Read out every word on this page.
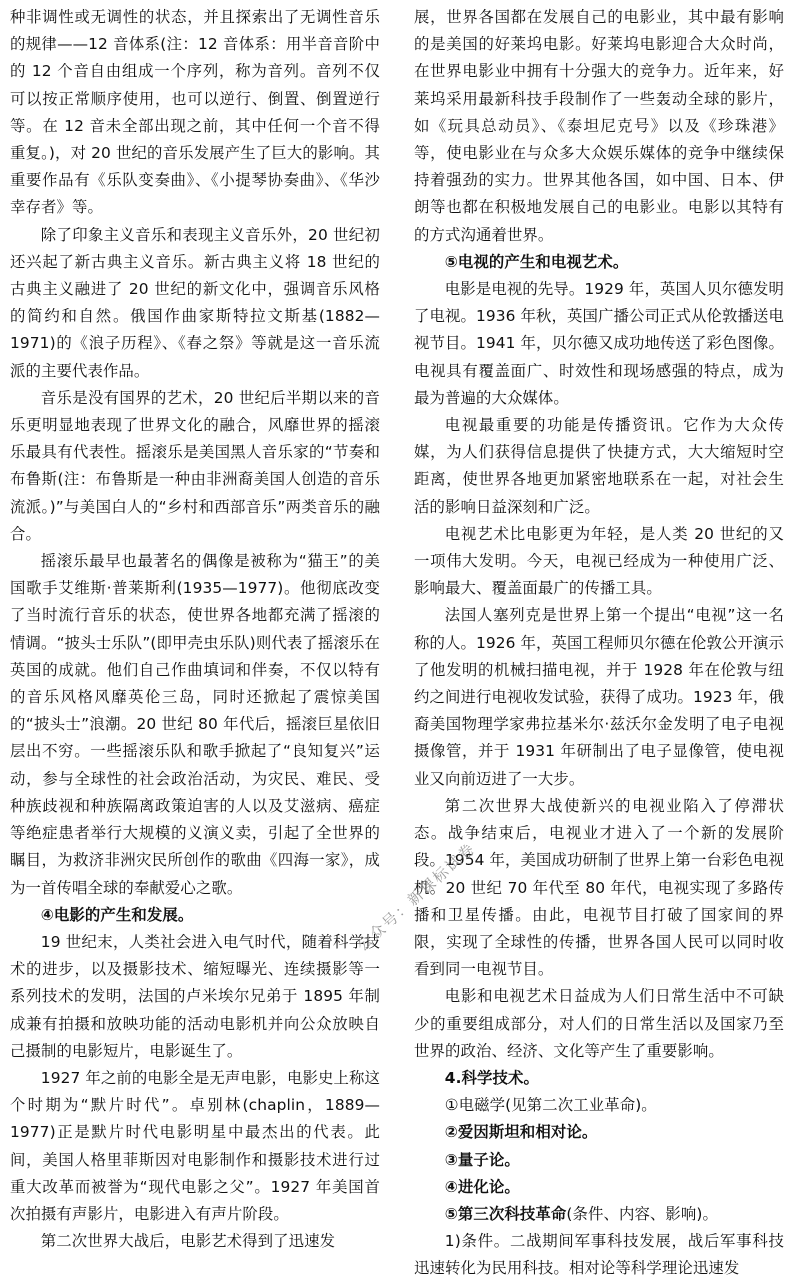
种非调性或无调性的状态，并且探索出了无调性音乐的规律——12 音体系(注：12 音体系：用半音音阶中的 12 个音自由组成一个序列，称为音列。音列不仅可以按正常顺序使用，也可以逆行、倒置、倒置逆行等。在 12 音未全部出现之前，其中任何一个音不得重复。)，对 20 世纪的音乐发展产生了巨大的影响。其重要作品有《乐队变奏曲》、《小提琴协奏曲》、《华沙幸存者》等。

除了印象主义音乐和表现主义音乐外，20 世纪初还兴起了新古典主义音乐。新古典主义将 18 世纪的古典主义融进了 20 世纪的新文化中，强调音乐风格的简约和自然。俄国作曲家斯特拉文斯基(1882—1971)的《浪子历程》、《春之祭》等就是这一音乐流派的主要代表作品。

音乐是没有国界的艺术，20 世纪后半期以来的音乐更明显地表现了世界文化的融合，风靡世界的摇滚乐最具有代表性。摇滚乐是美国黑人音乐家的“节奏和布鲁斯(注：布鲁斯是一种由非洲裔美国人创造的音乐流派。)”与美国白人的“乡村和西部音乐”两类音乐的融合。

摇滚乐最早也最著名的偶像是被称为“猫王”的美国歌手艾维斯·普莱斯利(1935—1977)。他彻底改变了当时流行音乐的状态，使世界各地都充满了摇滚的情调。“披头士乐队”(即甲壳虫乐队)则代表了摇滚乐在英国的成就。他们自己作曲填词和伴奏，不仅以特有的音乐风格风靡英伦三岛，同时还掀起了震惊美国的“披头士”浪潮。20 世纪 80 年代后，摇滚巨星依旧层出不穷。一些摇滚乐队和歌手掀起了“良知复兴”运动，参与全球性的社会政治活动，为灾民、难民、受种族歧视和种族隔离政策迫害的人以及艾滋病、癌症等绝症患者举行大规模的义演义卖，引起了全世界的瞩目，为救济非洲灾民所创作的歌曲《四海一家》，成为一首传唱全球的奉献爱心之歌。

④电影的产生和发展。

19 世纪末，人类社会进入电气时代，随着科学技术的进步，以及摄影技术、缩短曝光、连续摄影等一系列技术的发明，法国的卢米埃尔兄弟于 1895 年制成兼有拍摄和放映功能的活动电影机并向公众放映自己摄制的电影短片，电影诞生了。

1927 年之前的电影全是无声电影，电影史上称这个时期为“默片时代”。卓别林(chaplin，1889—1977)正是默片时代电影明星中最杰出的代表。此间，美国人格里菲斯因对电影制作和摄影技术进行过重大改革而被誉为“现代电影之父”。1927 年美国首次拍摄有声影片，电影进入有声片阶段。

第二次世界大战后，电影艺术得到了迅速发

展，世界各国都在发展自己的电影业，其中最有影响的是美国的好莱坞电影。好莱坞电影迎合大众时尚，在世界电影业中拥有十分强大的竞争力。近年来，好莱坞采用最新科技手段制作了一些轰动全球的影片，如《玩具总动员》、《泰坦尼克号》以及《珍珠港》等，使电影业在与众多大众娱乐媒体的竞争中继续保持着强劲的实力。世界其他各国，如中国、日本、伊朗等也都在积极地发展自己的电影业。电影以其特有的方式沟通着世界。

⑤电视的产生和电视艺术。

电影是电视的先导。1929 年，英国人贝尔德发明了电视。1936 年秋，英国广播公司正式从伦敦播送电视节目。1941 年，贝尔德又成功地传送了彩色图像。电视具有覆盖面广、时效性和现场感强的特点，成为最为普遍的大众媒体。

电视最重要的功能是传播资讯。它作为大众传媒，为人们获得信息提供了快捷方式，大大缩短时空距离，使世界各地更加紧密地联系在一起，对社会生活的影响日益深刻和广泛。

电视艺术比电影更为年轻，是人类 20 世纪的又一项伟大发明。今天，电视已经成为一种使用广泛、影响最大、覆盖面最广的传播工具。

法国人塞列克是世界上第一个提出“电视”这一名称的人。1926 年，英国工程师贝尔德在伦敦公开演示了他发明的机械扫描电视，并于 1928 年在伦敦与纽约之间进行电视收发试验，获得了成功。1923 年，俄裔美国物理学家弗拉基米尔·兹沃尔金发明了电子电视摄像管，并于 1931 年研制出了电子显像管，使电视业又向前迈进了一大步。

第二次世界大战使新兴的电视业陷入了停滞状态。战争结束后，电视业才进入了一个新的发展阶段。1954 年，美国成功研制了世界上第一台彩色电视机。20 世纪 70 年代至 80 年代，电视实现了多路传播和卫星传播。由此，电视节目打破了国家间的界限，实现了全球性的传播，世界各国人民可以同时收看到同一电视节目。

电影和电视艺术日益成为人们日常生活中不可缺少的重要组成部分，对人们的日常生活以及国家乃至世界的政治、经济、文化等产生了重要影响。

4.科学技术。

①电磁学(见第二次工业革命)。

②爱因斯坦和相对论。

③量子论。

④进化论。

⑤第三次科技革命(条件、内容、影响)。

1)条件。二战期间军事科技发展，战后军事科技迅速转化为民用科技。相对论等科学理论迅速发

公众号：新课标试卷
